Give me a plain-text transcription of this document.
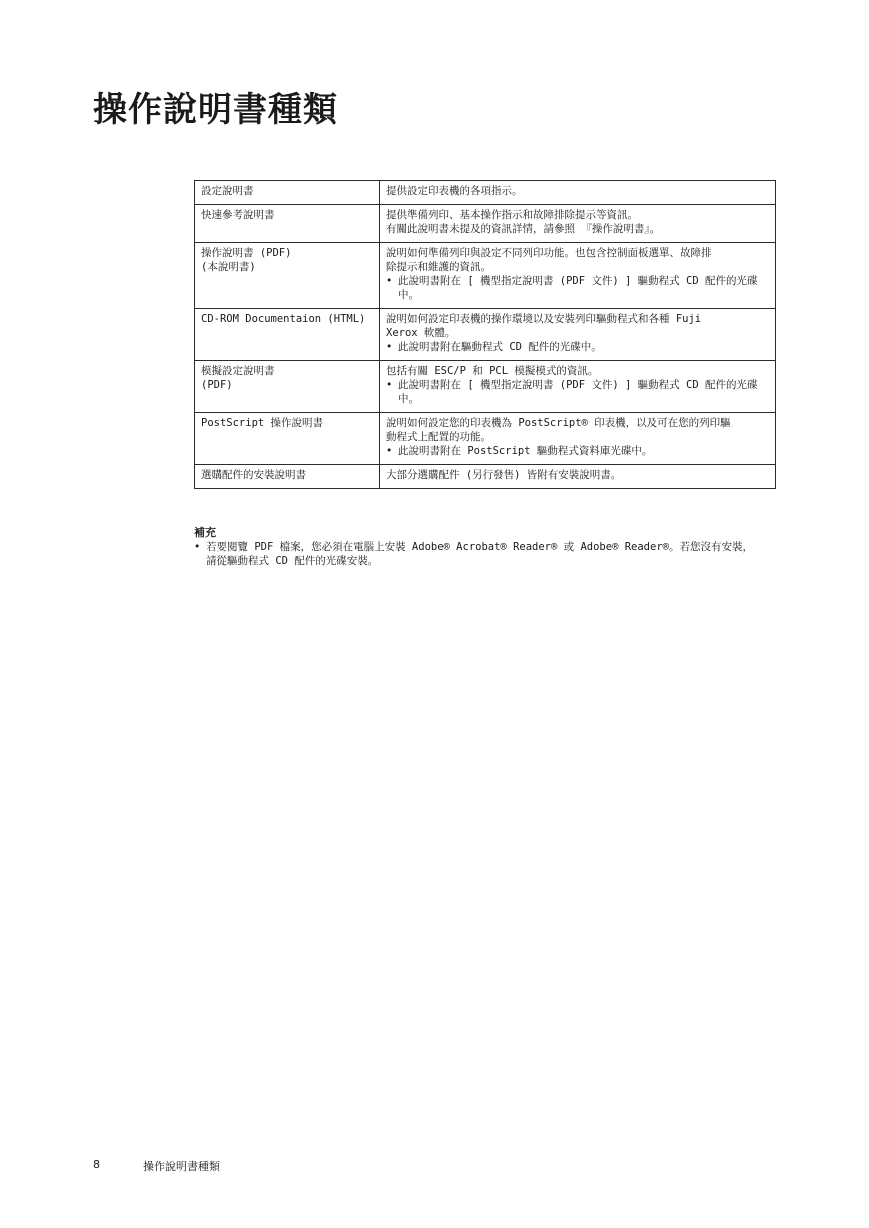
操作說明書種類
設定說明書	提供設定印表機的各項指示。

快速參考說明書	提供準備列印、基本操作指示和故障排除提示等資訊。
有關此說明書未提及的資訊詳情，請參照 『操作說明書』。

操作說明書 (PDF)
(本說明書)	說明如何準備列印與設定不同列印功能。也包含控制面板選單、故障排
除提示和維護的資訊。
• 此說明書附在 [ 機型指定說明書 (PDF 文件) ] 驅動程式 CD 配件的光碟
中。

CD-ROM Documentaion (HTML)	說明如何設定印表機的操作環境以及安裝列印驅動程式和各種 Fuji
Xerox 軟體。
• 此說明書附在驅動程式 CD 配件的光碟中。

模擬設定說明書
(PDF)	包括有關 ESC/P 和 PCL 模擬模式的資訊。
• 此說明書附在 [ 機型指定說明書 (PDF 文件) ] 驅動程式 CD 配件的光碟
中。

PostScript 操作說明書	說明如何設定您的印表機為 PostScript® 印表機，以及可在您的列印驅
動程式上配置的功能。
• 此說明書附在 PostScript 驅動程式資料庫光碟中。

選購配件的安裝說明書	大部分選購配件 (另行發售) 皆附有安裝說明書。
補充
• 若要閱覽 PDF 檔案，您必須在電腦上安裝 Adobe® Acrobat® Reader® 或 Adobe® Reader®。若您沒有安裝，
請從驅動程式 CD 配件的光碟安裝。
8	操作說明書種類
